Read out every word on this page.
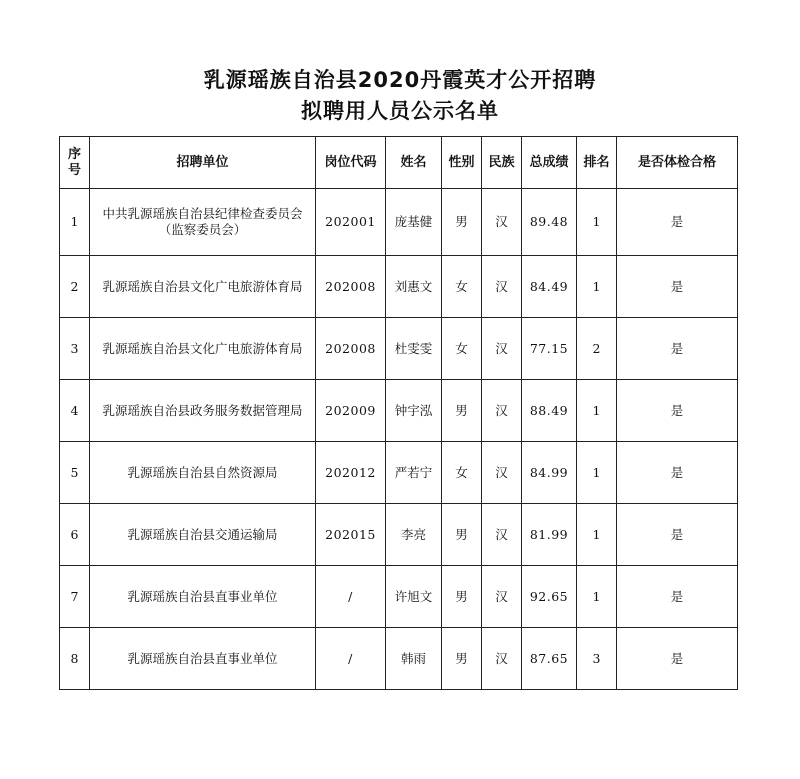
乳源瑶族自治县2020丹霞英才公开招聘
拟聘用人员公示名单
序号	招聘单位	岗位代码	姓名	性别	民族	总成绩	排名	是否体检合格
1	中共乳源瑶族自治县纪律检查委员会（监察委员会）	202001	庞基健	男	汉	89.48	1	是
2	乳源瑶族自治县文化广电旅游体育局	202008	刘惠文	女	汉	84.49	1	是
3	乳源瑶族自治县文化广电旅游体育局	202008	杜雯雯	女	汉	77.15	2	是
4	乳源瑶族自治县政务服务数据管理局	202009	钟宇泓	男	汉	88.49	1	是
5	乳源瑶族自治县自然资源局	202012	严若宁	女	汉	84.99	1	是
6	乳源瑶族自治县交通运输局	202015	李亮	男	汉	81.99	1	是
7	乳源瑶族自治县直事业单位	/	许旭文	男	汉	92.65	1	是
8	乳源瑶族自治县直事业单位	/	韩雨	男	汉	87.65	3	是
